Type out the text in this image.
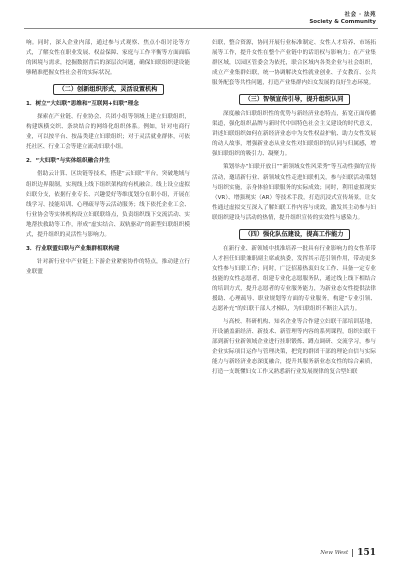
社会 · 法苑
Society & Community

响。同时，深入企业内部，通过参与式观察、焦点小组讨论等方式，了解女性在职业发展、权益保障、家庭与工作平衡等方面面临的困境与需求，挖掘数据背后的深层次问题，确保妇联组织建设能够精准把握女性社会者的实际状况。

（二）创新组织形式，灵活设置机构
1．树立“大妇联”思维和“互联网+妇联”理念

探索在产业链、行业协会、兵团小组等领域上建立妇联组织，构建纵横交织、条块结合的网络化组织体系。例如，针对电商行业，可以按平台、按品类建立妇联组织；对于灵活就业群体，可依托社区、行业工会等建立流动妇联小组。

2．“大妇联”与实体组织融合并生

借助云计算、区块链等技术，搭建“云妇联”平台，突破地域与组织边界限制，实现线上线下组织架构的有机融合。线上设立虚拟妇联分支，依据行业专长、兴趣爱好等维度划分在职小组，开展在线学习、技能培训、心理疏导等云活动服务；线下依托企业工会、行业协会等实体机构设立妇联联络点，负责组织线下交流活动、实地帮扶救助等工作，形成“虚实结合、双轨驱动”的新型妇联组织模式，提升组织的灵活性与影响力。

3．行业联盟妇联与产业集群相联构建

针对新行业中产业链上下游企业紧密协作的特点，推动建立行业联盟

妇联，整合资源，协同开展行业标准制定、女性人才培养、市场拓展等工作，提升女性在整个产业链中的话语权与影响力；在产业集群区域，以园区管委会为依托，联合区域内各类企业与社会组织，成立产业集群妇联，统一协调解决女性就业创业、子女教育、公共服务配套等共性问题，打造产业集群内妇女发展的良好生态环境。

（三）智领宣传引导，提升组织认同

深度融合妇联组织性的优势与新经济业态特点，拓宽正面传播渠道，强化组织品牌与新时代中国特色社会主义建设的时代意义，讲述妇联组织如何在新经济业态中为女性权益护航、助力女性发展的动人故事，增强新业态从业女性对妇联组织的认同与归属感，增强妇联组织的吸引力、凝聚力。

策划举办“妇联开放日”“新领域女性风采秀”等互动性强的宣传活动，邀请新行业、新领域女性走进妇联机关，参与妇联活动策划与组织实施，亲身体验妇联服务的实际成效；同时，利用虚拟现实（VR）、增强现实（AR）等技术手段，打造沉浸式宣传场景，让女性通过虚拟交互深入了解妇联工作内容与成效，激发其主动参与妇联组织建设与活动的热情，提升组织宣传的实效性与感染力。

（四）强化队伍建设，提高工作能力

在新行业、新领域中找准培养一批具有行业影响力的女性革带人才担任妇联兼职副主席或执委，发挥其示范引领作用，带动更多女性参与妇联工作；同时，广泛招募热衷妇女工作、具备一定专业技能的女性志愿者，组建专业化志愿服务队，通过线上线下相结合的培训方式，提升志愿者的专业服务能力，为新业态女性提供法律援助、心理疏导、职业规划等方面的专业服务，构建“专业引领、志愿补充”的妇联干部人才梯队，为妇联组织不断注入活力。

与高校、科研机构、知名企业等合作建立妇联干部培训基地，开设涵盖新经济、新技术、新管理等内容的系列课程，组织妇联干部到新行业新领域企业进行挂职锻炼、蹲点调研、交流学习，参与企业实际项目运作与管理决策，把党的群团干部的理论自信与实际能力与新经济业态深度融合，提升其服务新业态女性的综合素质，打造一支既懂妇女工作又熟悉新行业发展规律的复合型妇联

New West 151
